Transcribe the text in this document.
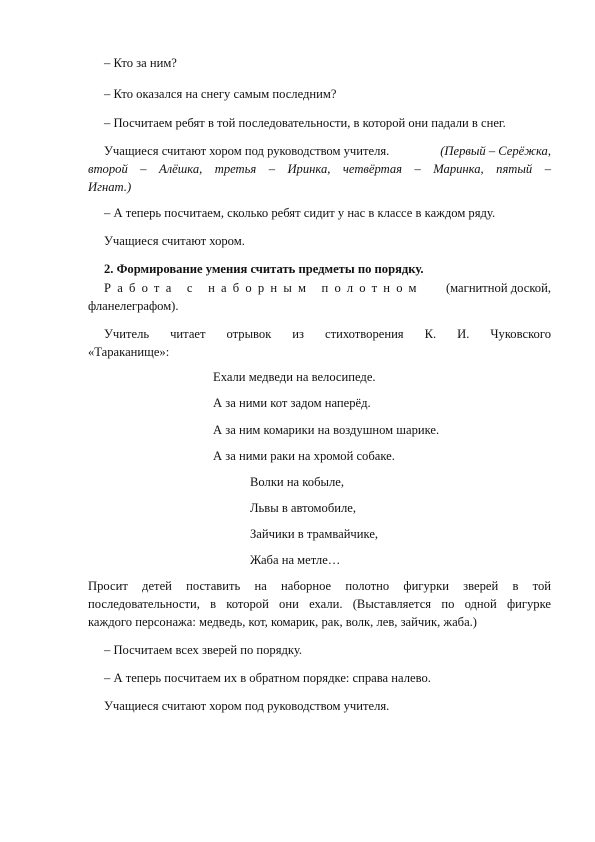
– Кто за ним?
– Кто оказался на снегу самым последним?
– Посчитаем ребят в той последовательности, в которой они падали в снег.
Учащиеся считают хором под руководством учителя.	(Первый – Серёжка,
второй – Алёшка, третья – Иринка, четвёртая – Маринка, пятый –
Игнат.)
– А теперь посчитаем, сколько ребят сидит у нас в классе в каждом ряду.
Учащиеся считают хором.
2. Формирование умения считать предметы по порядку.
Работа с наборным полотном (магнитной доской,
фланелеграфом).
Учитель читает отрывок из стихотворения К. И. Чуковского
«Тараканище»:
Ехали медведи на велосипеде.
А за ними кот задом наперёд.
А за ним комарики на воздушном шарике.
А за ними раки на хромой собаке.
Волки на кобыле,
Львы в автомобиле,
Зайчики в трамвайчике,
Жаба на метле…
Просит детей поставить на наборное полотно фигурки зверей в той
последовательности, в которой они ехали. (Выставляется по одной фигурке
каждого персонажа: медведь, кот, комарик, рак, волк, лев, зайчик, жаба.)
– Посчитаем всех зверей по порядку.
– А теперь посчитаем их в обратном порядке: справа налево.
Учащиеся считают хором под руководством учителя.
